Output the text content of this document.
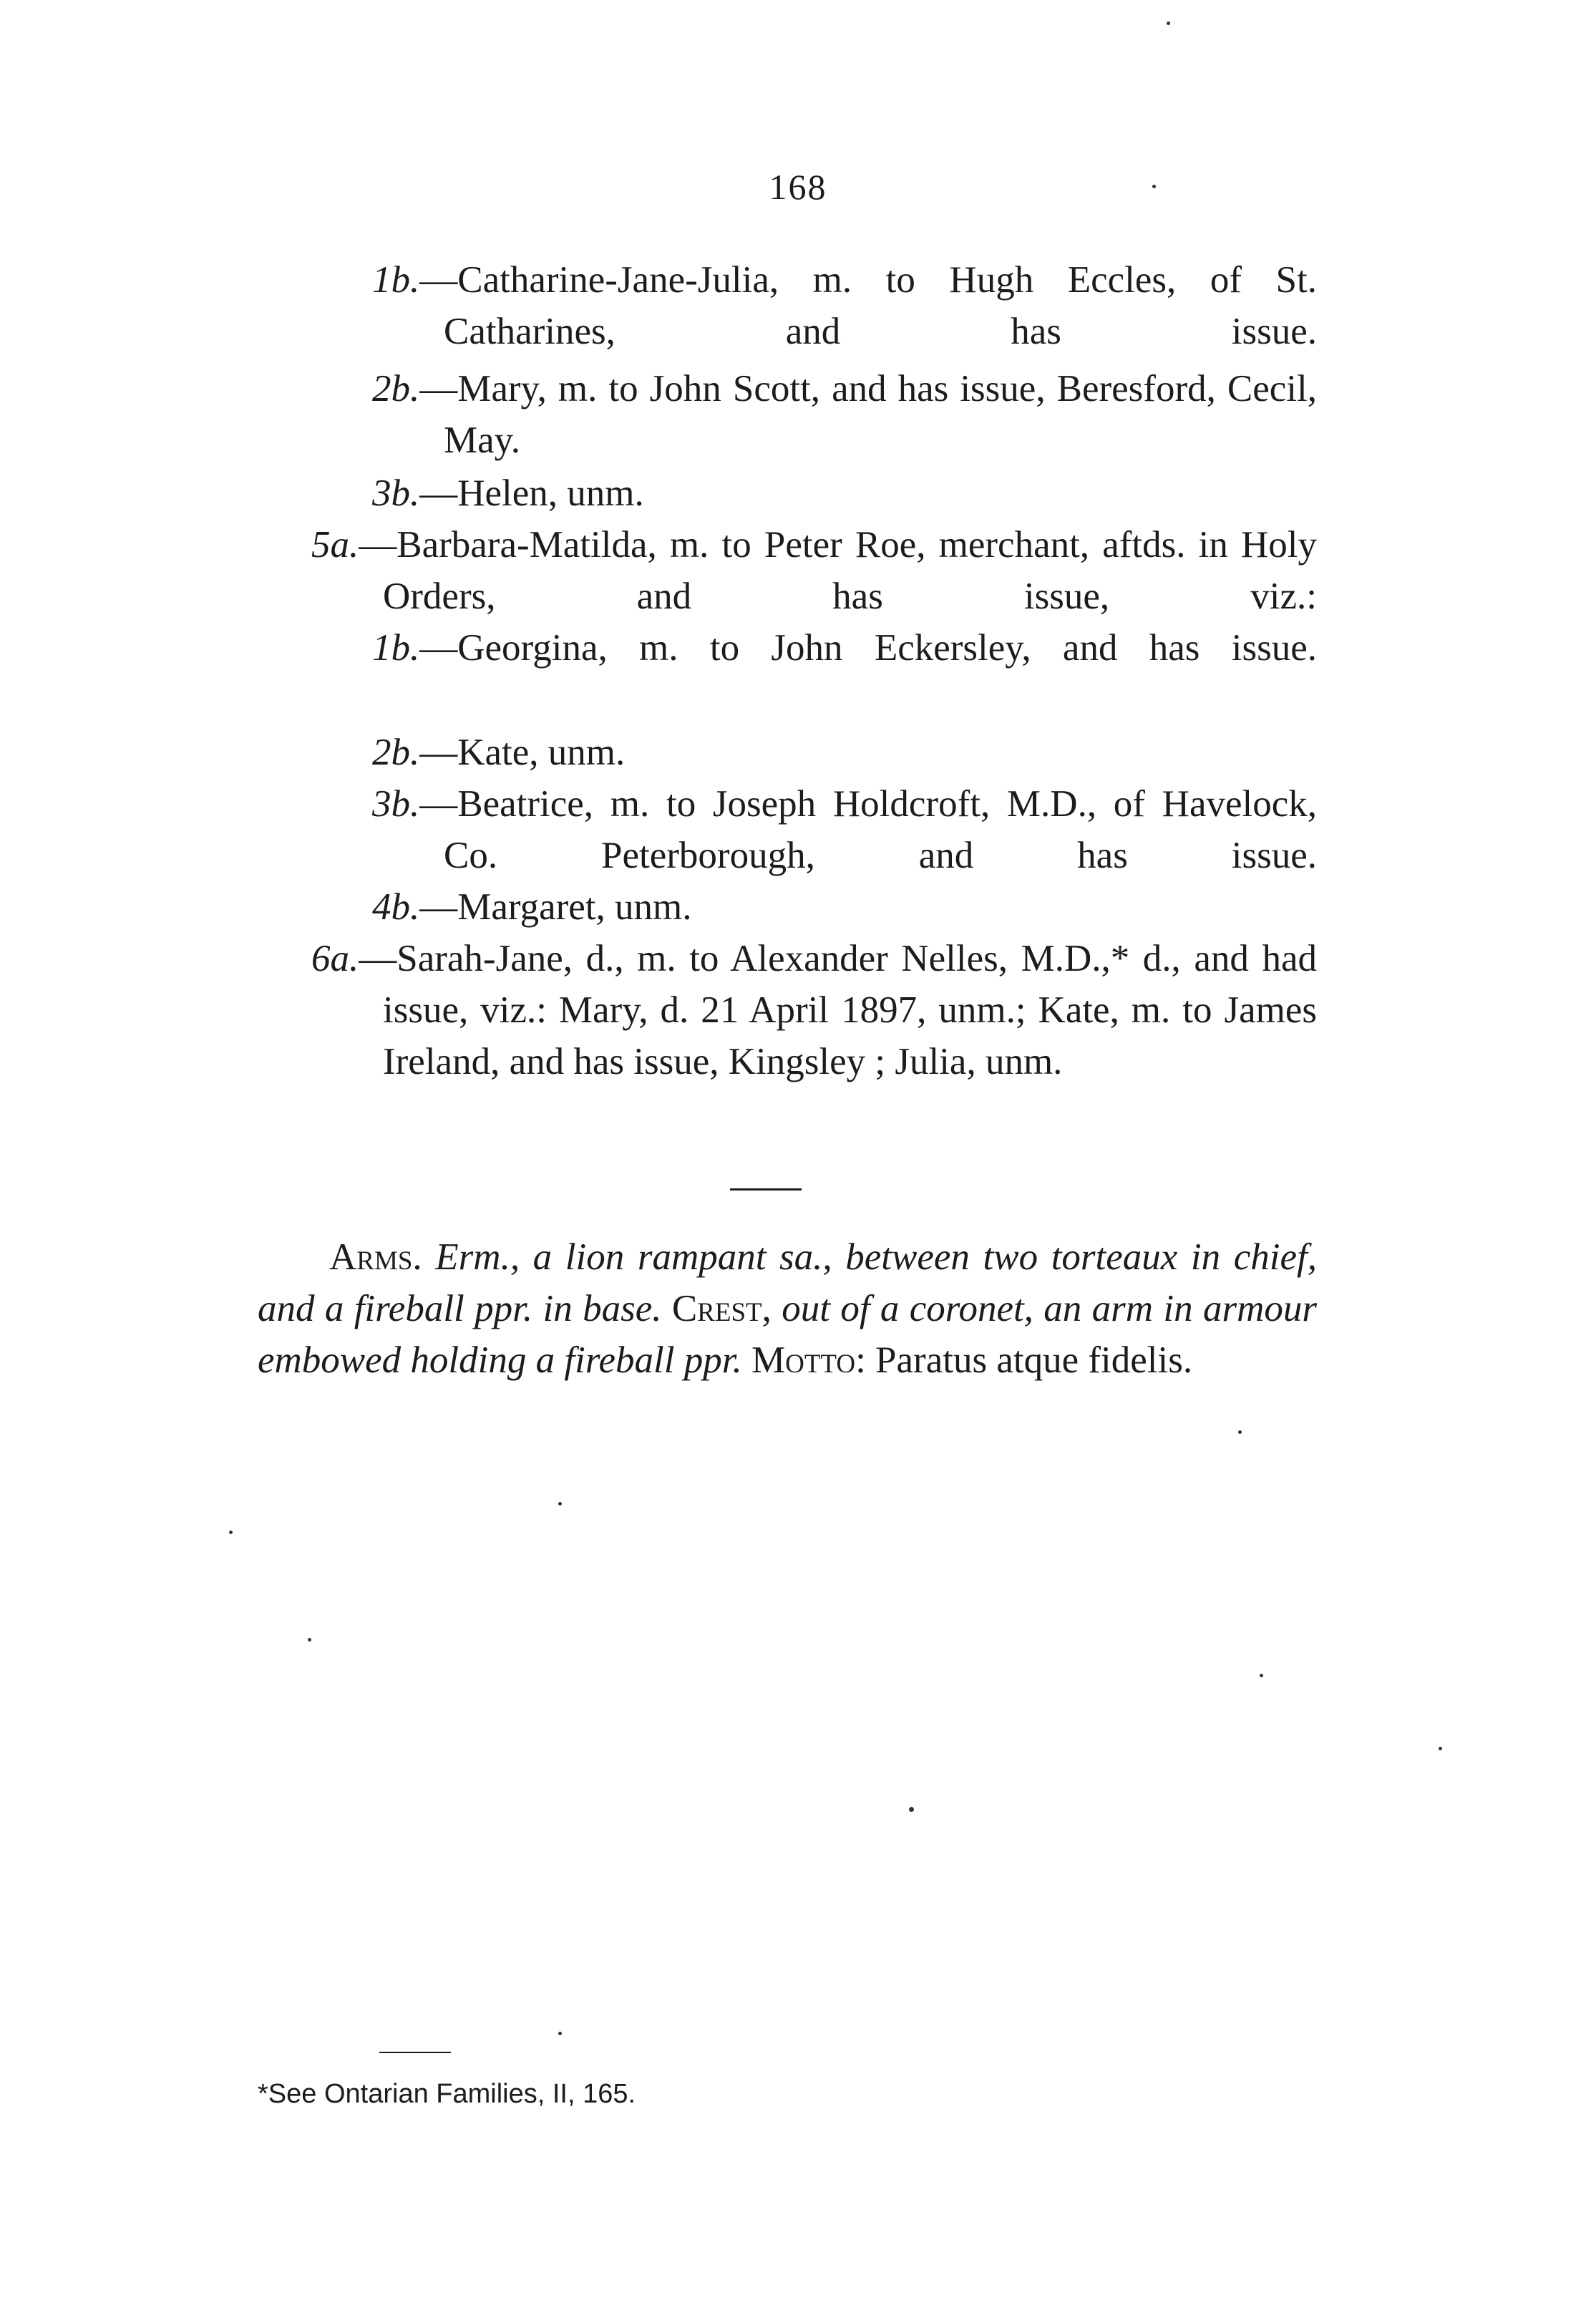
168

1b.—Catharine-Jane-Julia, m. to Hugh Eccles, of St. Catharines, and has issue.

2b.—Mary, m. to John Scott, and has issue, Beresford, Cecil, May.

3b.—Helen, unm.

5a.—Barbara-Matilda, m. to Peter Roe, merchant, aftds. in Holy Orders, and has issue, viz.:

1b.—Georgina, m. to John Eckersley, and has issue.

2b.—Kate, unm.

3b.—Beatrice, m. to Joseph Holdcroft, M.D., of Havelock, Co. Peterborough, and has issue.

4b.—Margaret, unm.

6a.—Sarah-Jane, d., m. to Alexander Nelles, M.D.,* d., and had issue, viz.: Mary, d. 21 April 1897, unm.; Kate, m. to James Ireland, and has issue, Kingsley ; Julia, unm.

Arms. Erm., a lion rampant sa., between two torteaux in chief, and a fireball ppr. in base. Crest, out of a coronet, an arm in armour embowed holding a fireball ppr. Motto: Paratus atque fidelis.

*See Ontarian Families, II, 165.
